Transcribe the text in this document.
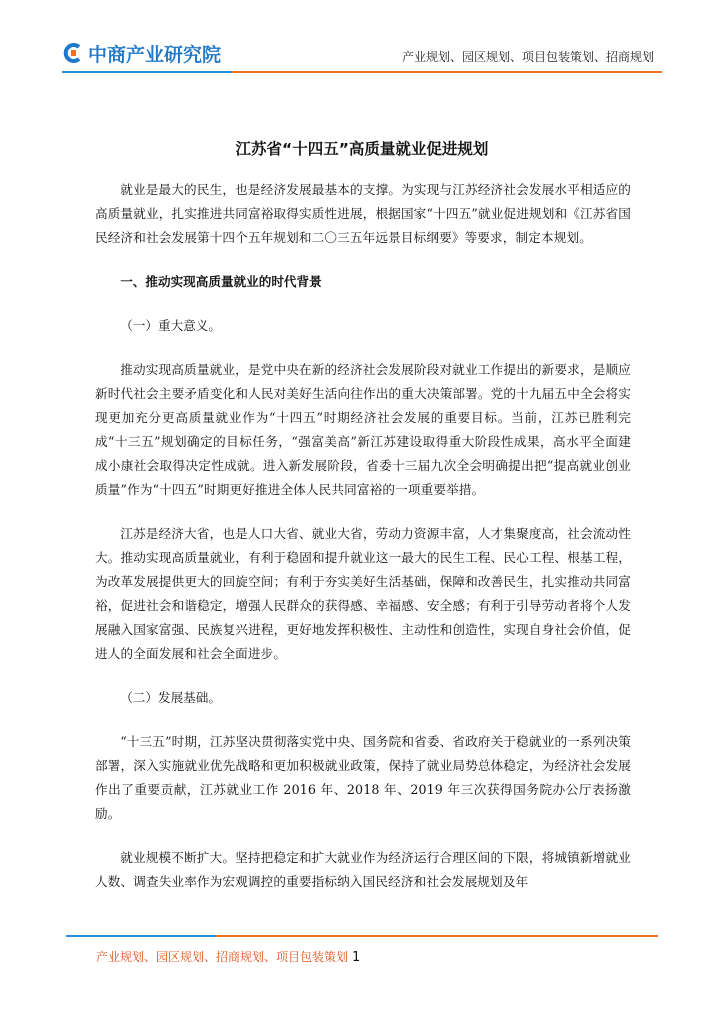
中商产业研究院	产业规划、园区规划、项目包装策划、招商规划
江苏省“十四五”高质量就业促进规划

就业是最大的民生，也是经济发展最基本的支撑。为实现与江苏经济社会发展水平相适应的高质量就业，扎实推进共同富裕取得实质性进展，根据国家“十四五”就业促进规划和《江苏省国民经济和社会发展第十四个五年规划和二〇三五年远景目标纲要》等要求，制定本规划。

一、推动实现高质量就业的时代背景

（一）重大意义。

推动实现高质量就业，是党中央在新的经济社会发展阶段对就业工作提出的新要求，是顺应新时代社会主要矛盾变化和人民对美好生活向往作出的重大决策部署。党的十九届五中全会将实现更加充分更高质量就业作为“十四五”时期经济社会发展的重要目标。当前，江苏已胜利完成“十三五”规划确定的目标任务，“强富美高”新江苏建设取得重大阶段性成果，高水平全面建成小康社会取得决定性成就。进入新发展阶段，省委十三届九次全会明确提出把“提高就业创业质量”作为“十四五”时期更好推进全体人民共同富裕的一项重要举措。

江苏是经济大省，也是人口大省、就业大省，劳动力资源丰富，人才集聚度高，社会流动性大。推动实现高质量就业，有利于稳固和提升就业这一最大的民生工程、民心工程、根基工程，为改革发展提供更大的回旋空间；有利于夯实美好生活基础，保障和改善民生，扎实推动共同富裕，促进社会和谐稳定，增强人民群众的获得感、幸福感、安全感；有利于引导劳动者将个人发展融入国家富强、民族复兴进程，更好地发挥积极性、主动性和创造性，实现自身社会价值，促进人的全面发展和社会全面进步。

（二）发展基础。

“十三五”时期，江苏坚决贯彻落实党中央、国务院和省委、省政府关于稳就业的一系列决策部署，深入实施就业优先战略和更加积极就业政策，保持了就业局势总体稳定，为经济社会发展作出了重要贡献，江苏就业工作 2016 年、2018 年、2019 年三次获得国务院办公厅表扬激励。

就业规模不断扩大。坚持把稳定和扩大就业作为经济运行合理区间的下限，将城镇新增就业人数、调查失业率作为宏观调控的重要指标纳入国民经济和社会发展规划及年

产业规划、园区规划、招商规划、项目包装策划 1
